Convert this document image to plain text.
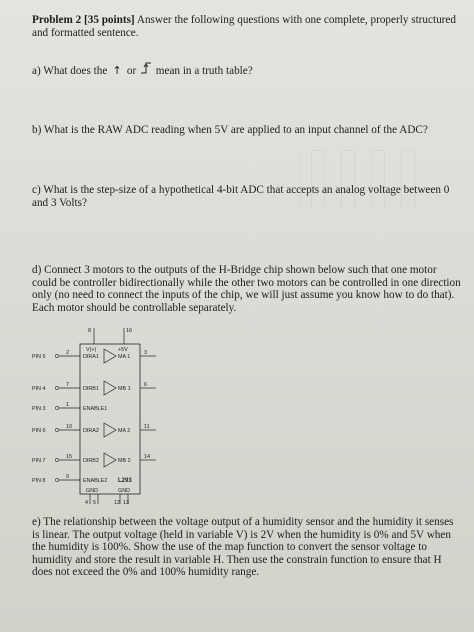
Problem 2 [35 points] Answer the following questions with one complete, properly structured and formatted sentence.
a) What does the ↑ or mean in a truth table?
b) What is the RAW ADC reading when 5V are applied to an input channel of the ADC?
c) What is the step-size of a hypothetical 4-bit ADC that accepts an analog voltage between 0 and 3 Volts?
d) Connect 3 motors to the outputs of the H-Bridge chip shown below such that one motor could be controller bidirectionally while the other two motors can be controlled in one direction only (no need to connect the inputs of the chip, we will just assume you know how to do that). Each motor should be controllable separately.
8	16
V(+)	+5V
PIN 5
2
DIRA1	MA 1
3
PIN 4
7
DIRB1	MB 1
6
PIN 3
1
ENABLE1
PIN 6
10
DIRA2	MA 2
11
PIN 7
15
DIRB2	MB 2
14
PIN 8
9
ENABLE2
GND	GND
4 5	12 13
L293
e) The relationship between the voltage output of a humidity sensor and the humidity it senses is linear. The output voltage (held in variable V) is 2V when the humidity is 0% and 5V when the humidity is 100%. Show the use of the map function to convert the sensor voltage to humidity and store the result in variable H. Then use the constrain function to ensure that H does not exceed the 0% and 100% humidity range.
